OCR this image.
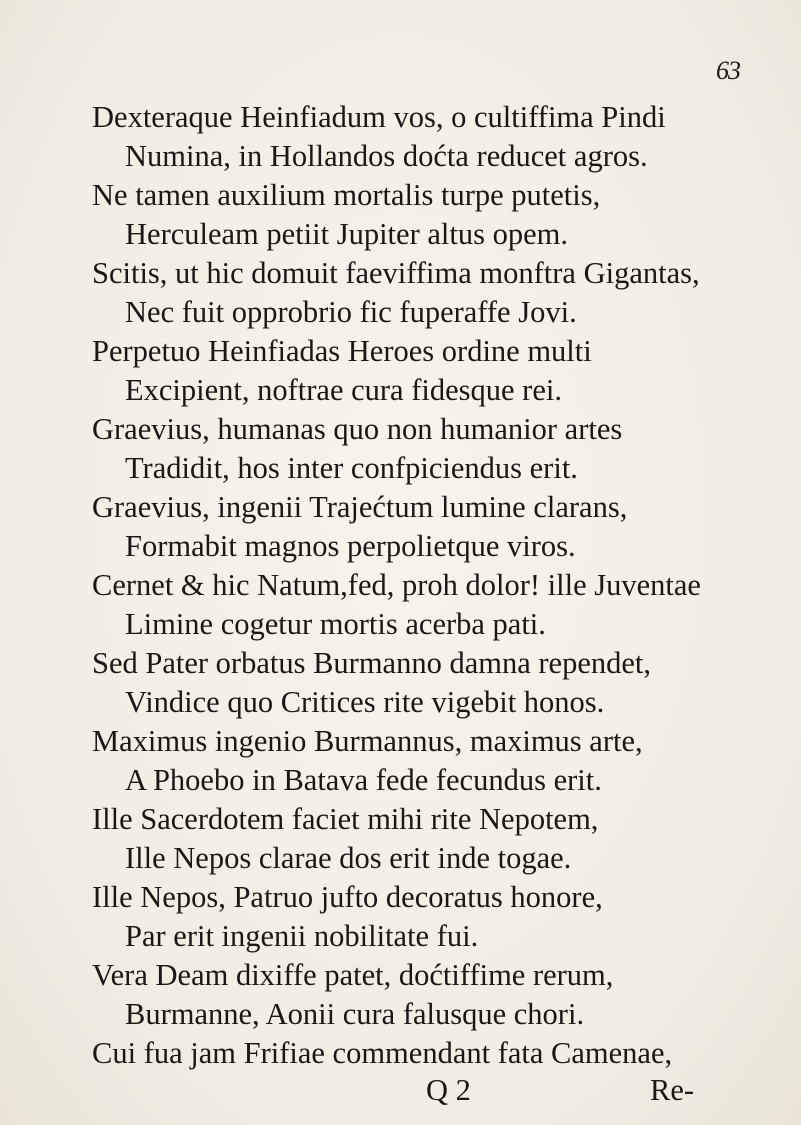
63
Dexteraque Heinfiadum vos, o cultiffima Pindi
Numina, in Hollandos doćta reducet agros.
Ne tamen auxilium mortalis turpe putetis,
Herculeam petiit Jupiter altus opem.
Scitis, ut hic domuit faeviffima monftra Gigantas,
Nec fuit opprobrio fic fuperaffe Jovi.
Perpetuo Heinfiadas Heroes ordine multi
Excipient, noftrae cura fidesque rei.
Graevius, humanas quo non humanior artes
Tradidit, hos inter confpiciendus erit.
Graevius, ingenii Trajećtum lumine clarans,
Formabit magnos perpolietque viros.
Cernet & hic Natum,fed, proh dolor! ille Juventae
Limine cogetur mortis acerba pati.
Sed Pater orbatus Burmanno damna rependet,
Vindice quo Critices rite vigebit honos.
Maximus ingenio Burmannus, maximus arte,
A Phoebo in Batava fede fecundus erit.
Ille Sacerdotem faciet mihi rite Nepotem,
Ille Nepos clarae dos erit inde togae.
Ille Nepos, Patruo jufto decoratus honore,
Par erit ingenii nobilitate fui.
Vera Deam dixiffe patet, doćtiffime rerum,
Burmanne, Aonii cura falusque chori.
Cui fua jam Frifiae commendant fata Camenae,
Q 2	Re-
